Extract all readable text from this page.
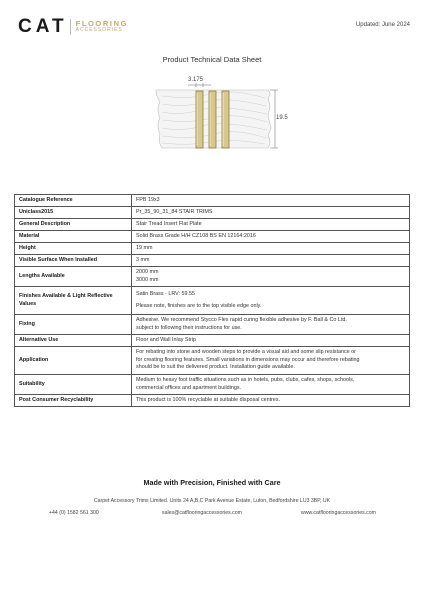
CAT FLOORING
ACCESSORIES
Updated: June 2024
Product Technical Data Sheet
3.175
19.5
Catalogue Reference	FPB 19x3

Uniclass2015	Pr_35_90_31_84 STAIR TRIMS

General Description	Stair Tread Insert Flat Plate

Material	Solid Brass Grade H/H CZ108 BS EN 12164:2016

Height	19 mm

Visible Surface When Installed	3 mm

Lengths Available	2000 mm
3000 mm

Finishes Available & Light Reflective Values	Satin Brass - LRV: 59.55
Please note, finishes are to the top visible edge only.

Fixing	Adhesive. We recommend Stycco Flex rapid curing flexible adhesive by F. Ball & Co Ltd.
subject to following their instructions for use.

Alternative Use	Floor and Wall Inlay Strip

Application	For rebating into stone and wooden steps to provide a visual aid and some slip resistance or
for creating flooring features. Small variations in dimensions may occur and therefore rebating
should be to suit the delivered product. Installation guide available.

Suitability	Medium to heavy foot traffic situations such as in hotels, pubs, clubs, cafes, shops, schools,
commercial offices and apartment buildings.

Post Consumer Recyclability	This product is 100% recyclable at suitable disposal centres.
Made with Precision, Finished with Care
Carpet Accessory Trims Limited. Units 24 A,B,C Park Avenue Estate, Luton, Bedfordshire LU3 3BP, UK
+44 (0) 1582 561 300	sales@catflooringaccessories.com	www.catflooringaccessories.com
